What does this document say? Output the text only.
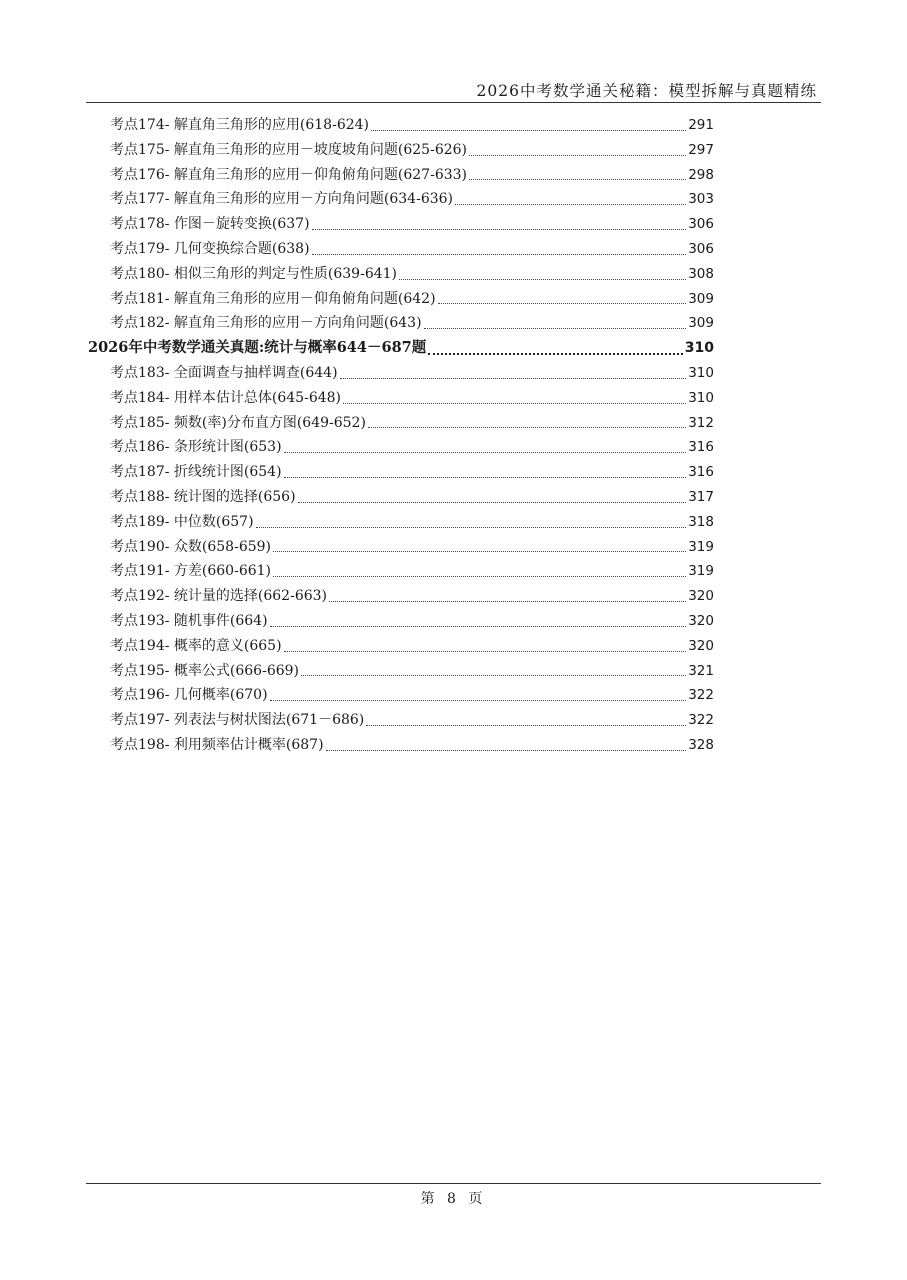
2026中考数学通关秘籍：模型拆解与真题精练
考点174- 解直角三角形的应用(618-624)	291
考点175- 解直角三角形的应用－坡度坡角问题(625-626)	297
考点176- 解直角三角形的应用－仰角俯角问题(627-633)	298
考点177- 解直角三角形的应用－方向角问题(634-636)	303
考点178- 作图－旋转变换(637)	306
考点179- 几何变换综合题(638)	306
考点180- 相似三角形的判定与性质(639-641)	308
考点181- 解直角三角形的应用－仰角俯角问题(642)	309
考点182- 解直角三角形的应用－方向角问题(643)	309
2026年中考数学通关真题:统计与概率644－687题	310
考点183- 全面调查与抽样调查(644)	310
考点184- 用样本估计总体(645-648)	310
考点185- 频数(率)分布直方图(649-652)	312
考点186- 条形统计图(653)	316
考点187- 折线统计图(654)	316
考点188- 统计图的选择(656)	317
考点189- 中位数(657)	318
考点190- 众数(658-659)	319
考点191- 方差(660-661)	319
考点192- 统计量的选择(662-663)	320
考点193- 随机事件(664)	320
考点194- 概率的意义(665)	320
考点195- 概率公式(666-669)	321
考点196- 几何概率(670)	322
考点197- 列表法与树状图法(671－686)	322
考点198- 利用频率估计概率(687)	328
第 8 页
